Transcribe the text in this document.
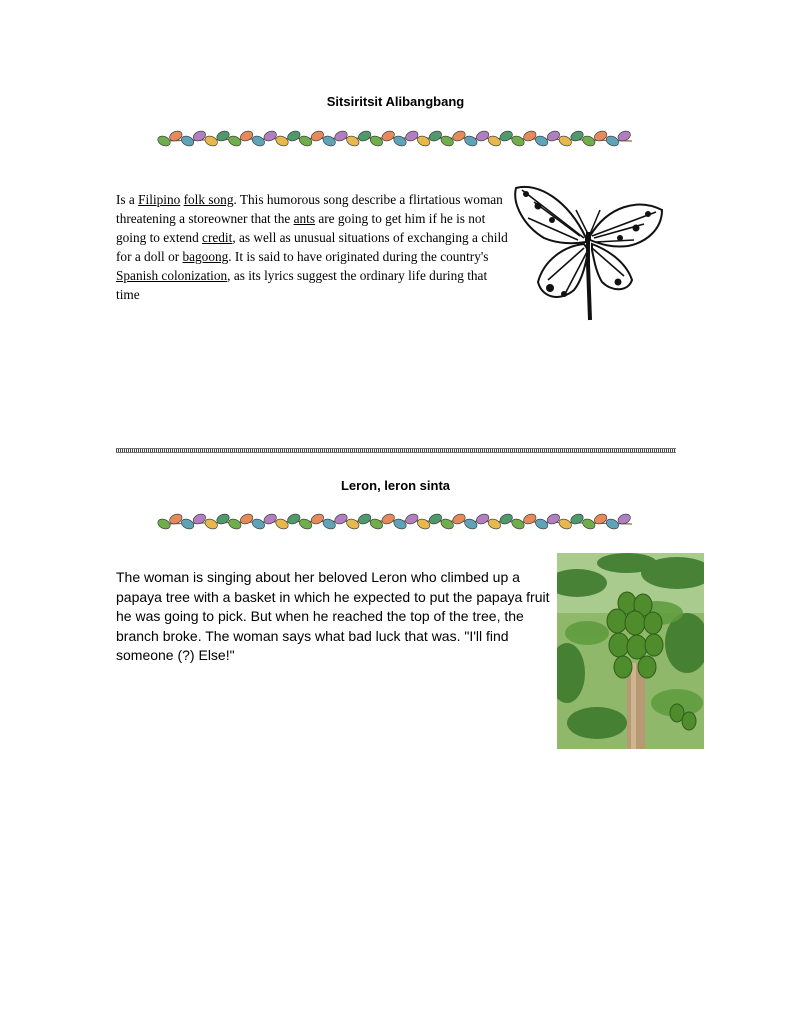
Sitsiritsit Alibangbang
Is a Filipino folk song. This humorous song describe a flirtatious woman threatening a storeowner that the ants are going to get him if he is not going to extend credit, as well as unusual situations of exchanging a child for a doll or bagoong. It is said to have originated during the country's Spanish colonization, as its lyrics suggest the ordinary life during that time
Leron, leron sinta
The woman is singing about her beloved Leron who climbed up a papaya tree with a basket in which he expected to put the papaya fruit he was going to pick. But when he reached the top of the tree, the branch broke. The woman says what bad luck that was. "I'll find someone (?) Else!"
